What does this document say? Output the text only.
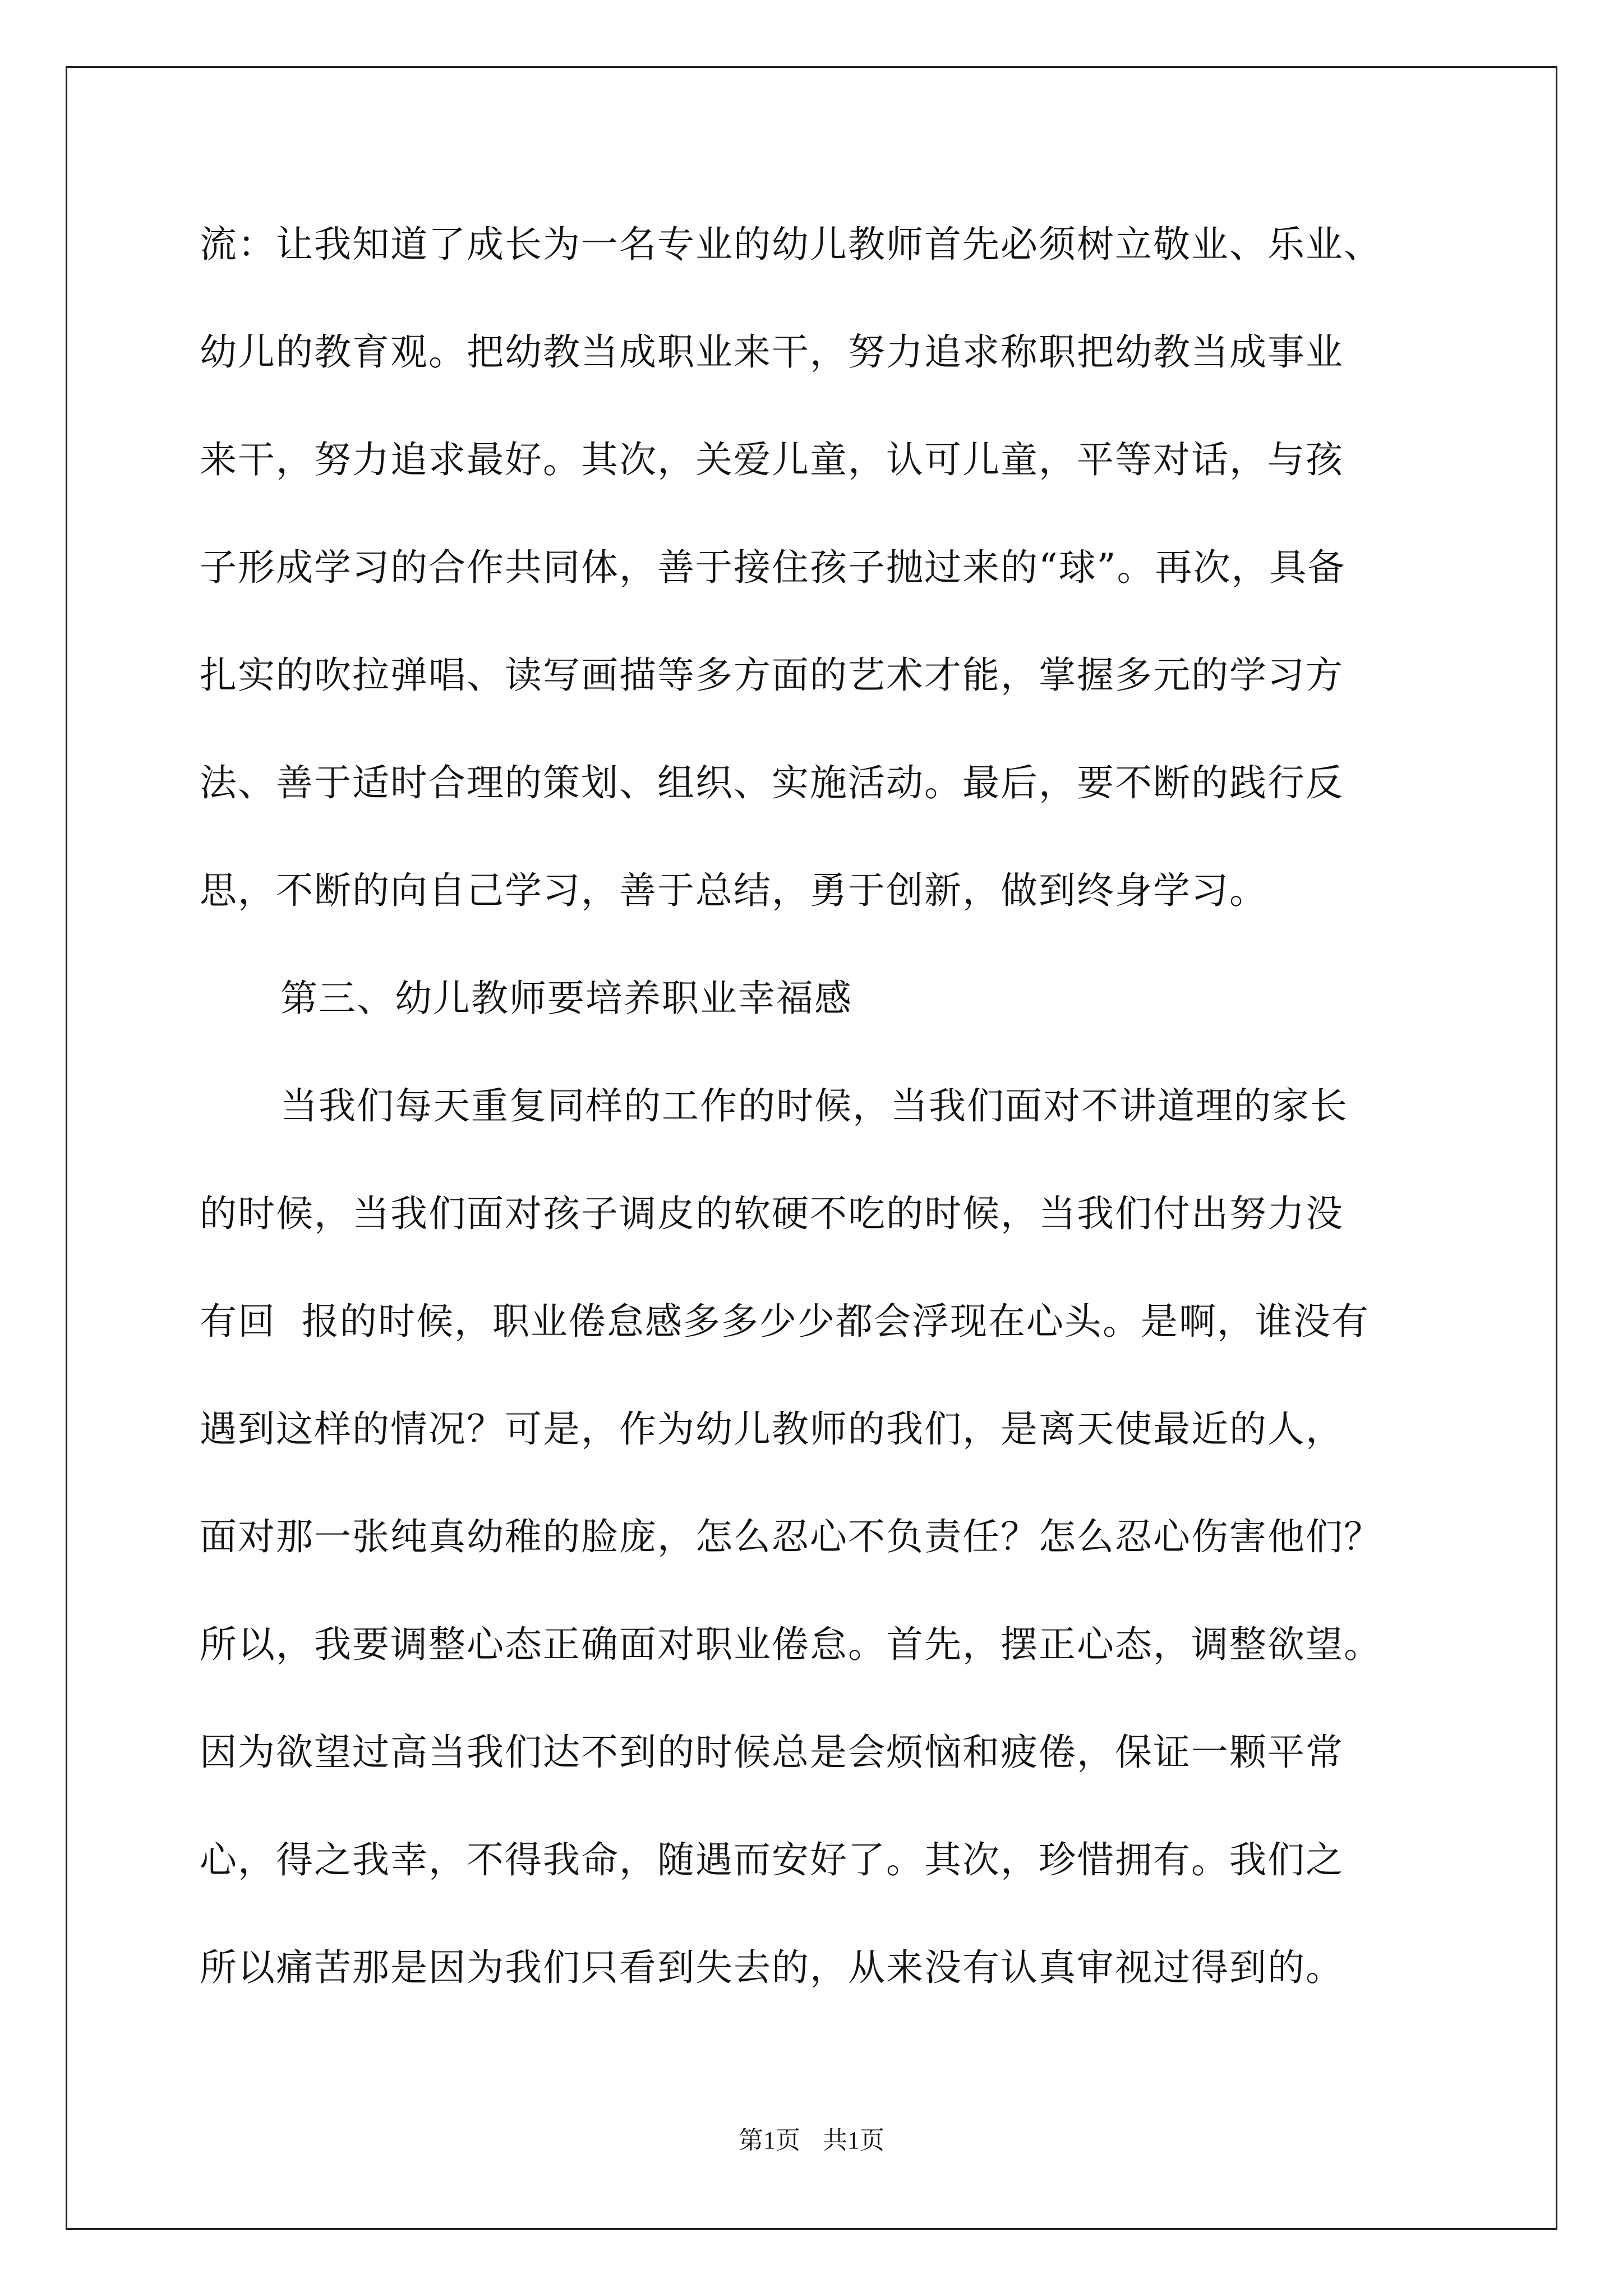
流：让我知道了成长为一名专业的幼儿教师首先必须树立敬业、乐业、
幼儿的教育观。把幼教当成职业来干，努力追求称职把幼教当成事业
来干，努力追求最好。其次，关爱儿童，认可儿童，平等对话，与孩
子形成学习的合作共同体，善于接住孩子抛过来的“球”。再次，具备
扎实的吹拉弹唱、读写画描等多方面的艺术才能，掌握多元的学习方
法、善于适时合理的策划、组织、实施活动。最后，要不断的践行反
思，不断的向自己学习，善于总结，勇于创新，做到终身学习。
第三、幼儿教师要培养职业幸福感
当我们每天重复同样的工作的时候，当我们面对不讲道理的家长
的时候，当我们面对孩子调皮的软硬不吃的时候，当我们付出努力没
有回  报的时候，职业倦怠感多多少少都会浮现在心头。是啊，谁没有
遇到这样的情况？可是，作为幼儿教师的我们，是离天使最近的人，
面对那一张纯真幼稚的脸庞，怎么忍心不负责任？怎么忍心伤害他们？
所以，我要调整心态正确面对职业倦怠。首先，摆正心态，调整欲望。
因为欲望过高当我们达不到的时候总是会烦恼和疲倦，保证一颗平常
心，得之我幸，不得我命，随遇而安好了。其次，珍惜拥有。我们之
所以痛苦那是因为我们只看到失去的，从来没有认真审视过得到的。
第1页 共1页
